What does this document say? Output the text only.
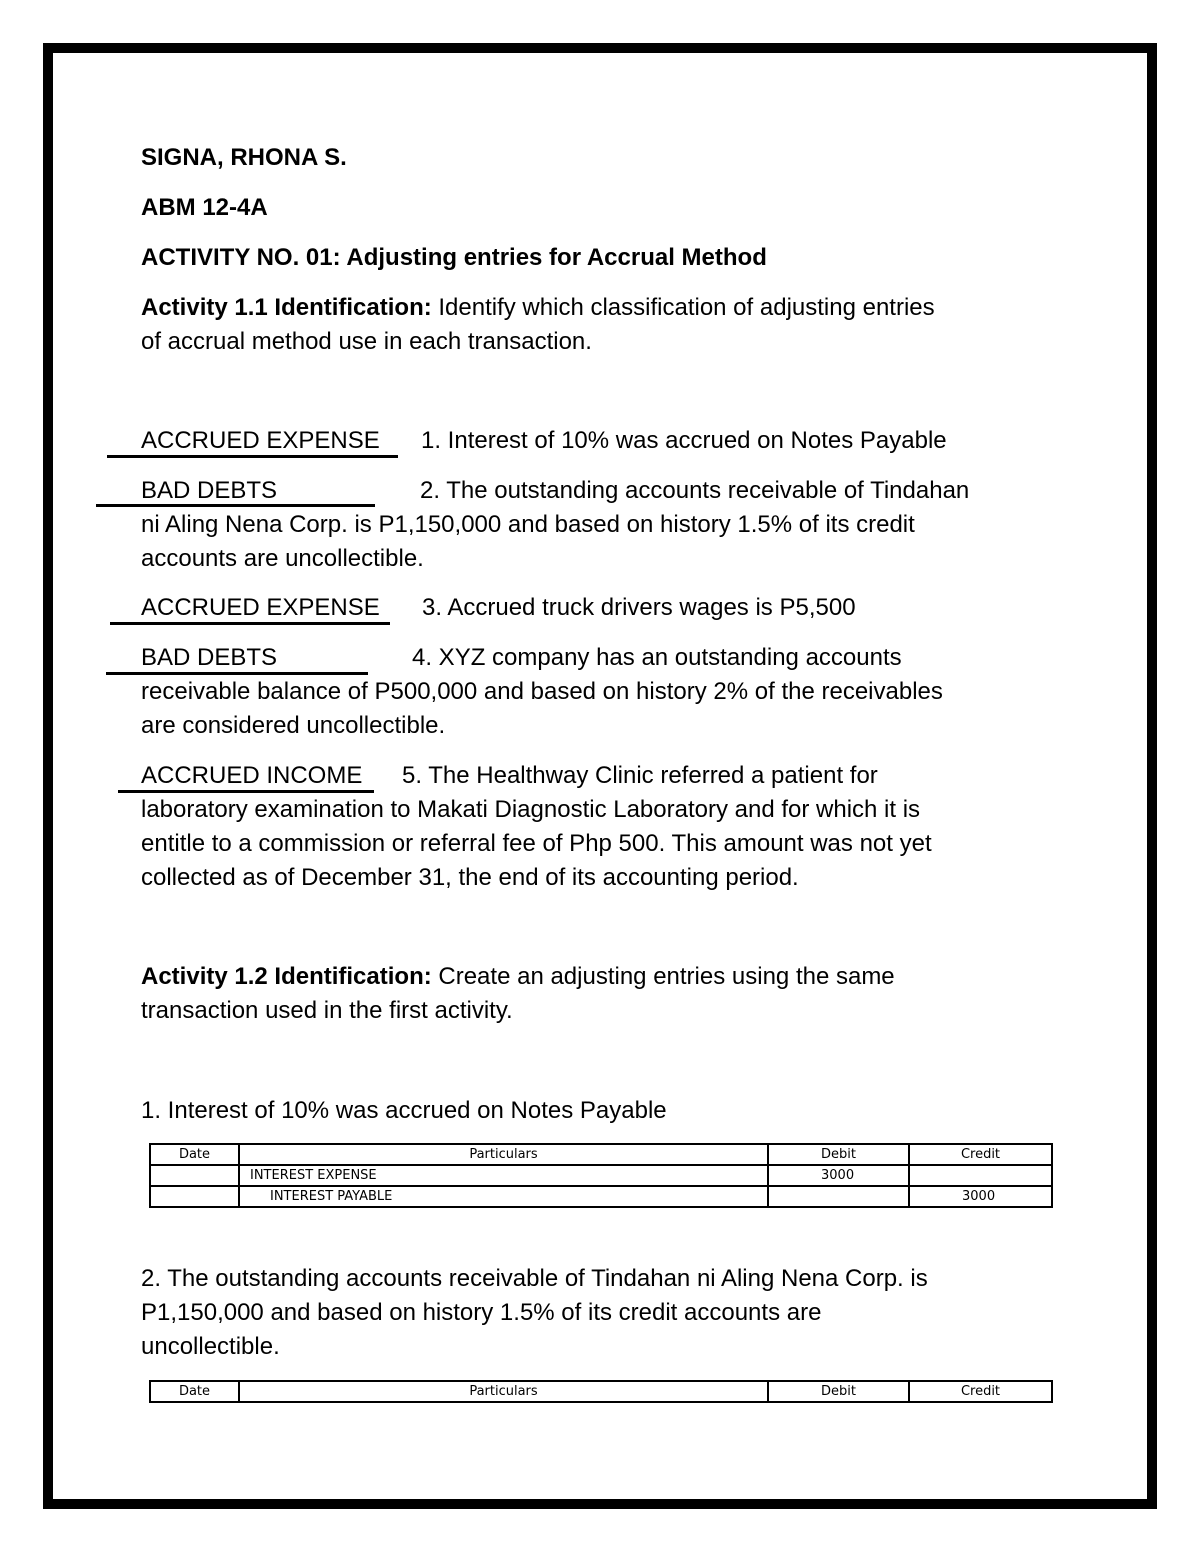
SIGNA, RHONA S.
ABM 12-4A
ACTIVITY NO. 01: Adjusting entries for Accrual Method
Activity 1.1 Identification: Identify which classification of adjusting entries
of accrual method use in each transaction.
ACCRUED EXPENSE 1. Interest of 10% was accrued on Notes Payable
BAD DEBTS	2. The outstanding accounts receivable of Tindahan
ni Aling Nena Corp. is P1,150,000 and based on history 1.5% of its credit
accounts are uncollectible.
ACCRUED EXPENSE 3. Accrued truck drivers wages is P5,500
BAD DEBTS	4. XYZ company has an outstanding accounts
receivable balance of P500,000 and based on history 2% of the receivables
are considered uncollectible.
ACCRUED INCOME 5. The Healthway Clinic referred a patient for
laboratory examination to Makati Diagnostic Laboratory and for which it is
entitle to a commission or referral fee of Php 500. This amount was not yet
collected as of December 31, the end of its accounting period.
Activity 1.2 Identification: Create an adjusting entries using the same
transaction used in the first activity.
1. Interest of 10% was accrued on Notes Payable
Date	Particulars	Debit	Credit
	INTEREST EXPENSE	3000	
	INTEREST PAYABLE		3000
2. The outstanding accounts receivable of Tindahan ni Aling Nena Corp. is
P1,150,000 and based on history 1.5% of its credit accounts are
uncollectible.
Date	Particulars	Debit	Credit
